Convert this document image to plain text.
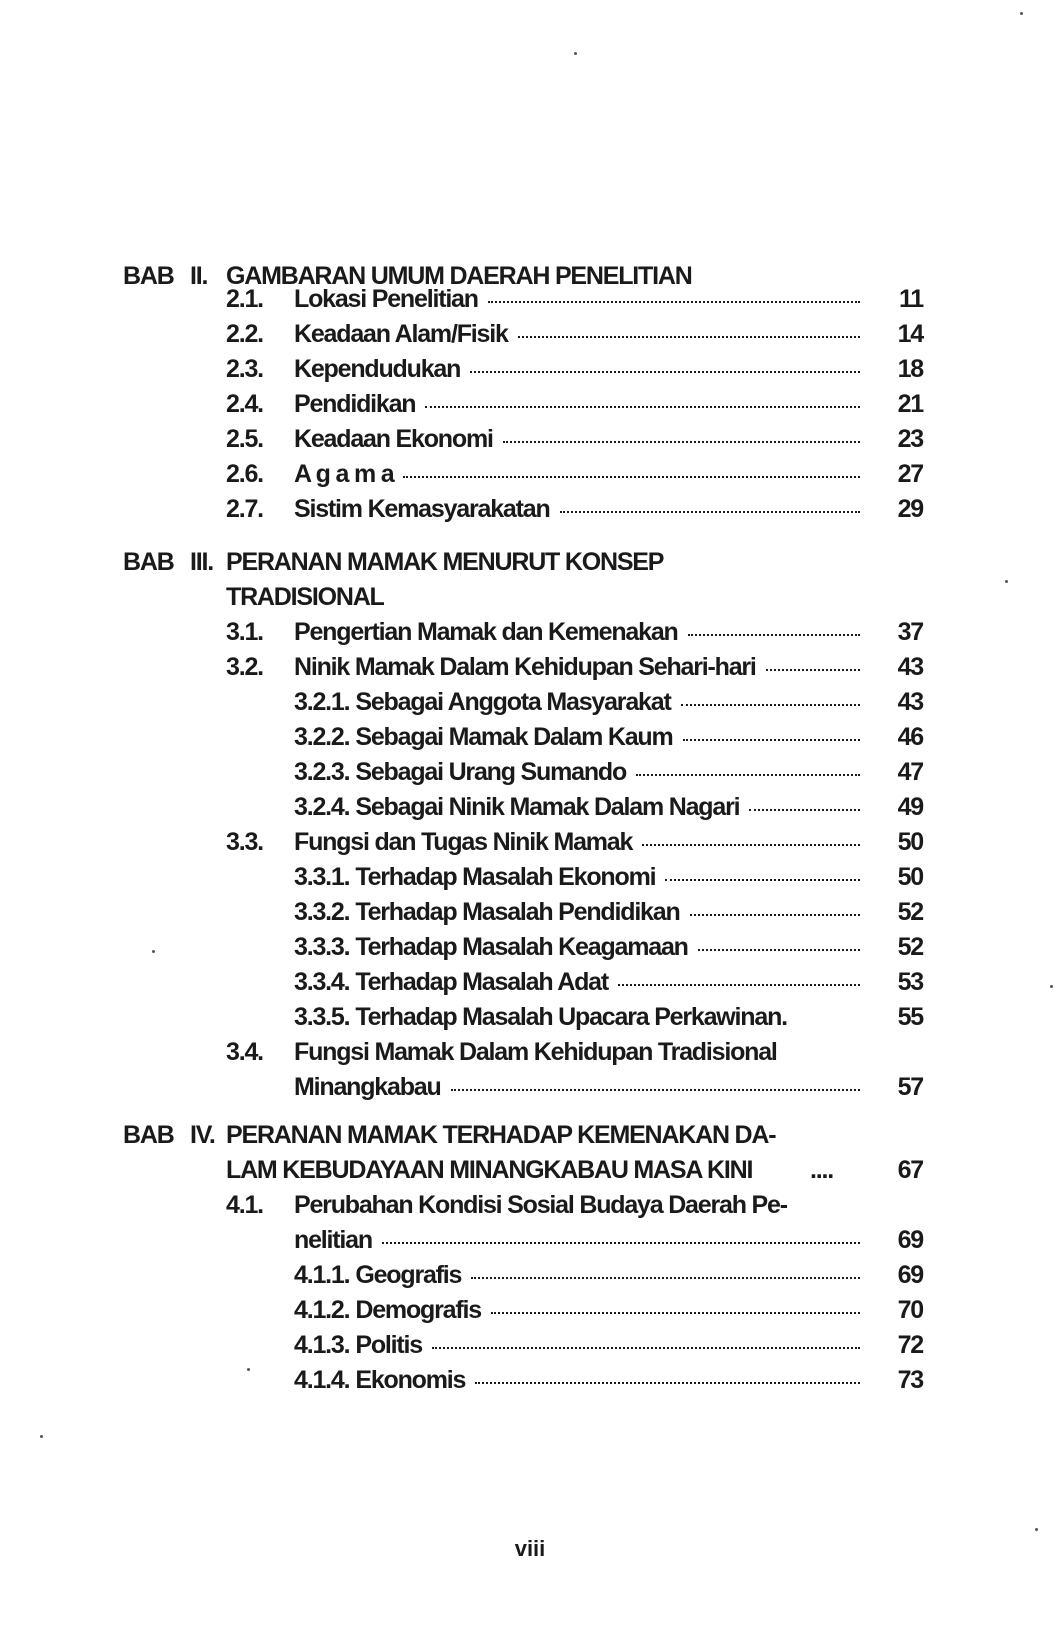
BAB II. GAMBARAN UMUM DAERAH PENELITIAN
2.1. Lokasi Penelitian	11
2.2. Keadaan Alam/Fisik	14
2.3. Kependudukan	18
2.4. Pendidikan	21
2.5. Keadaan Ekonomi	23
2.6. A g a m a	27
2.7. Sistim Kemasyarakatan	29
BAB III. PERANAN MAMAK MENURUT KONSEP
TRADISIONAL
3.1. Pengertian Mamak dan Kemenakan	37
3.2. Ninik Mamak Dalam Kehidupan Sehari-hari	43
3.2.1. Sebagai Anggota Masyarakat	43
3.2.2. Sebagai Mamak Dalam Kaum	46
3.2.3. Sebagai Urang Sumando	47
3.2.4. Sebagai Ninik Mamak Dalam Nagari	49
3.3. Fungsi dan Tugas Ninik Mamak	50
3.3.1. Terhadap Masalah Ekonomi	50
3.3.2. Terhadap Masalah Pendidikan	52
3.3.3. Terhadap Masalah Keagamaan	52
3.3.4. Terhadap Masalah Adat	53
3.3.5. Terhadap Masalah Upacara Perkawinan.	55
3.4. Fungsi Mamak Dalam Kehidupan Tradisional
Minangkabau	57
BAB IV. PERANAN MAMAK TERHADAP KEMENAKAN DA-
LAM KEBUDAYAAN MINANGKABAU MASA KINI ....	67
4.1. Perubahan Kondisi Sosial Budaya Daerah Pe-
nelitian	69
4.1.1. Geografis	69
4.1.2. Demografis	70
4.1.3. Politis	72
4.1.4. Ekonomis	73
viii
